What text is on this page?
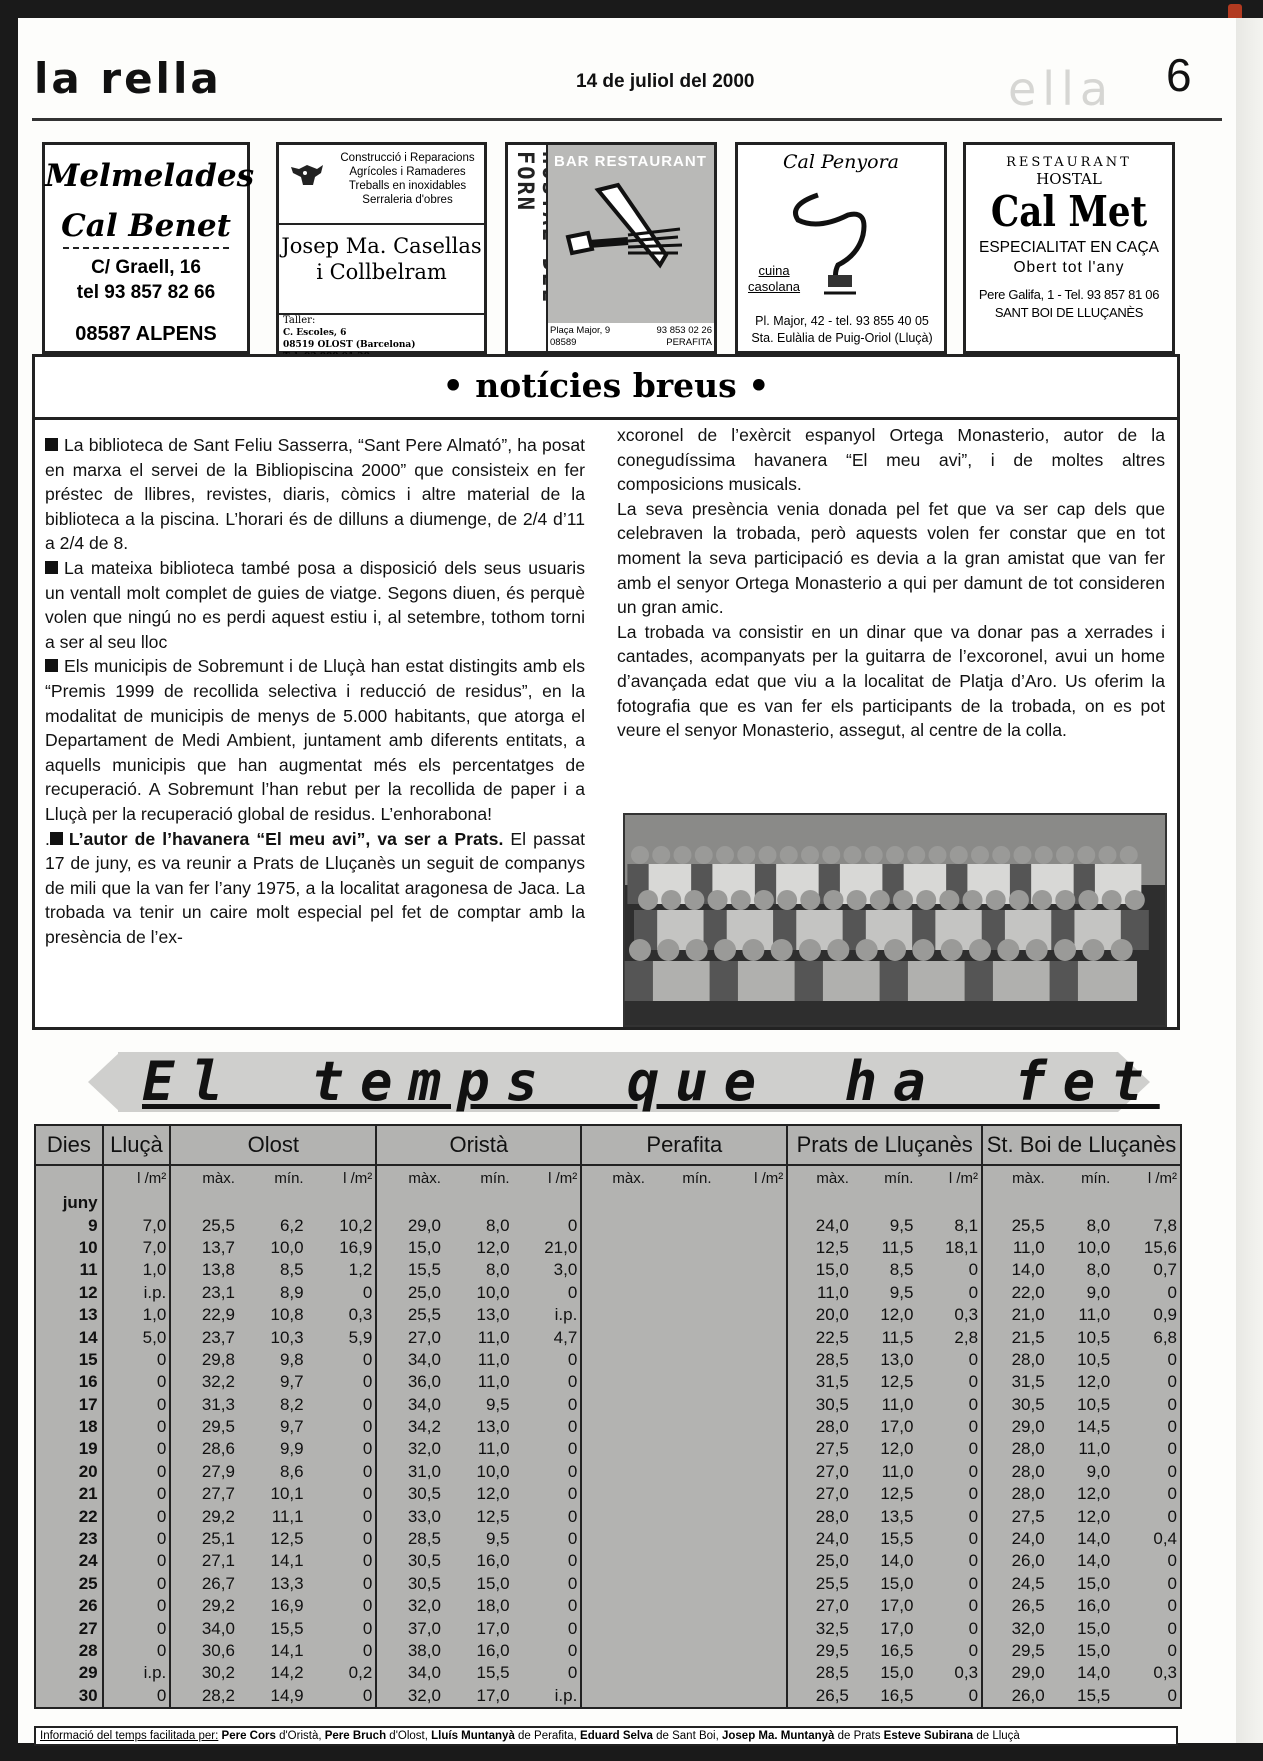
ella
la rella	14 de juliol del 2000	6
Melmelades
Cal Benet
C/ Graell, 16
tel 93 857 82 66
08587 ALPENS
Construcció i Reparacions
Agrícoles i Ramaderes
Treballs en inoxidables
Serraleria d'obres
Josep Ma. Casellas
i Collbelram
Taller:
C. Escoles, 6
08519 OLOST (Barcelona)
FORN	BAR RESTAURANT
Plaça Major, 9
08589
93 853 02 26
PERAFITA
Cal Penyora
cuina
casolana
Pl. Major, 42 - tel. 93 855 40 05
Sta. Eulàlia de Puig-Oriol (Lluçà)
RESTAURANT
HOSTAL
Cal Met
ESPECIALITAT EN CAÇA
Obert tot l'any
Pere Galifa, 1 - Tel. 93 857 81 06
SANT BOI DE LLUÇANÈS
• notícies breus •

La biblioteca de Sant Feliu Sasserra, “Sant Pere Almató”, ha posat en marxa el servei de la Bibliopiscina 2000” que consisteix en fer préstec de llibres, revistes, diaris, còmics i altre material de la biblioteca a la piscina. L’horari és de dilluns a diumenge, de 2/4 d’11 a 2/4 de 8.

La mateixa biblioteca també posa a disposició dels seus usuaris un ventall molt complet de guies de viatge. Segons diuen, és perquè volen que ningú no es perdi aquest estiu i, al setembre, tothom torni a ser al seu lloc

Els municipis de Sobremunt i de Lluçà han estat distingits amb els “Premis 1999 de recollida selectiva i reducció de residus”, en la modalitat de municipis de menys de 5.000 habitants, que atorga el Departament de Medi Ambient, juntament amb diferents entitats, a aquells municipis que han augmentat més els percentatges de recuperació. A Sobremunt l’han rebut per la recollida de paper i a Lluçà per la recuperació global de residus. L’enhorabona!

. L’autor de l’havanera “El meu avi”, va ser a Prats. El passat 17 de juny, es va reunir a Prats de Lluçanès un seguit de companys de mili que la van fer l’any 1975, a la localitat aragonesa de Jaca. La trobada va tenir un caire molt especial pel fet de comptar amb la presència de l’ex-

xcoronel de l’exèrcit espanyol Ortega Monasterio, autor de la conegudíssima havanera “El meu avi”, i de moltes altres composicions musicals.

La seva presència venia donada pel fet que va ser cap dels que celebraven la trobada, però aquests volen fer constar que en tot moment la seva participació es devia a la gran amistat que van fer amb el senyor Ortega Monasterio a qui per damunt de tot consideren un gran amic.

La trobada va consistir en un dinar que va donar pas a xerrades i cantades, acompanyats per la guitarra de l’excoronel, avui un home d’avançada edat que viu a la localitat de Platja d’Aro. Us oferim la fotografia que es van fer els participants de la trobada, on es pot veure el senyor Monasterio, assegut, al centre de la colla.

El temps que ha fet
Dies	Lluçà	Olost			Oristà			Perafita			Prats de Lluçanès			St. Boi de Lluçanès		
	l /m²	màx.	mín.	l /m²	màx.	mín.	l /m²	màx.	mín.	l /m²	màx.	mín.	l /m²	màx.	mín.	l /m²
juny																
9	7,0	25,5	6,2	10,2	29,0	8,0	0				24,0	9,5	8,1	25,5	8,0	7,8
10	7,0	13,7	10,0	16,9	15,0	12,0	21,0				12,5	11,5	18,1	11,0	10,0	15,6
11	1,0	13,8	8,5	1,2	15,5	8,0	3,0				15,0	8,5	0	14,0	8,0	0,7
12	i.p.	23,1	8,9	0	25,0	10,0	0				11,0	9,5	0	22,0	9,0	0
13	1,0	22,9	10,8	0,3	25,5	13,0	i.p.				20,0	12,0	0,3	21,0	11,0	0,9
14	5,0	23,7	10,3	5,9	27,0	11,0	4,7				22,5	11,5	2,8	21,5	10,5	6,8
15	0	29,8	9,8	0	34,0	11,0	0				28,5	13,0	0	28,0	10,5	0
16	0	32,2	9,7	0	36,0	11,0	0				31,5	12,5	0	31,5	12,0	0
17	0	31,3	8,2	0	34,0	9,5	0				30,5	11,0	0	30,5	10,5	0
18	0	29,5	9,7	0	34,2	13,0	0				28,0	17,0	0	29,0	14,5	0
19	0	28,6	9,9	0	32,0	11,0	0				27,5	12,0	0	28,0	11,0	0
20	0	27,9	8,6	0	31,0	10,0	0				27,0	11,0	0	28,0	9,0	0
21	0	27,7	10,1	0	30,5	12,0	0				27,0	12,5	0	28,0	12,0	0
22	0	29,2	11,1	0	33,0	12,5	0				28,0	13,5	0	27,5	12,0	0
23	0	25,1	12,5	0	28,5	9,5	0				24,0	15,5	0	24,0	14,0	0,4
24	0	27,1	14,1	0	30,5	16,0	0				25,0	14,0	0	26,0	14,0	0
25	0	26,7	13,3	0	30,5	15,0	0				25,5	15,0	0	24,5	15,0	0
26	0	29,2	16,9	0	32,0	18,0	0				27,0	17,0	0	26,5	16,0	0
27	0	34,0	15,5	0	37,0	17,0	0				32,5	17,0	0	32,0	15,0	0
28	0	30,6	14,1	0	38,0	16,0	0				29,5	16,5	0	29,5	15,0	0
29	i.p.	30,2	14,2	0,2	34,0	15,5	0				28,5	15,0	0,3	29,0	14,0	0,3
30	0	28,2	14,9	0	32,0	17,0	i.p.				26,5	16,5	0	26,0	15,5	0
Informació del temps facilitada per: Pere Cors d'Oristà, Pere Bruch d'Olost, Lluís Muntanyà de Perafita, Eduard Selva de Sant Boi, Josep Ma. Muntanyà de Prats Esteve Subirana de Lluçà
